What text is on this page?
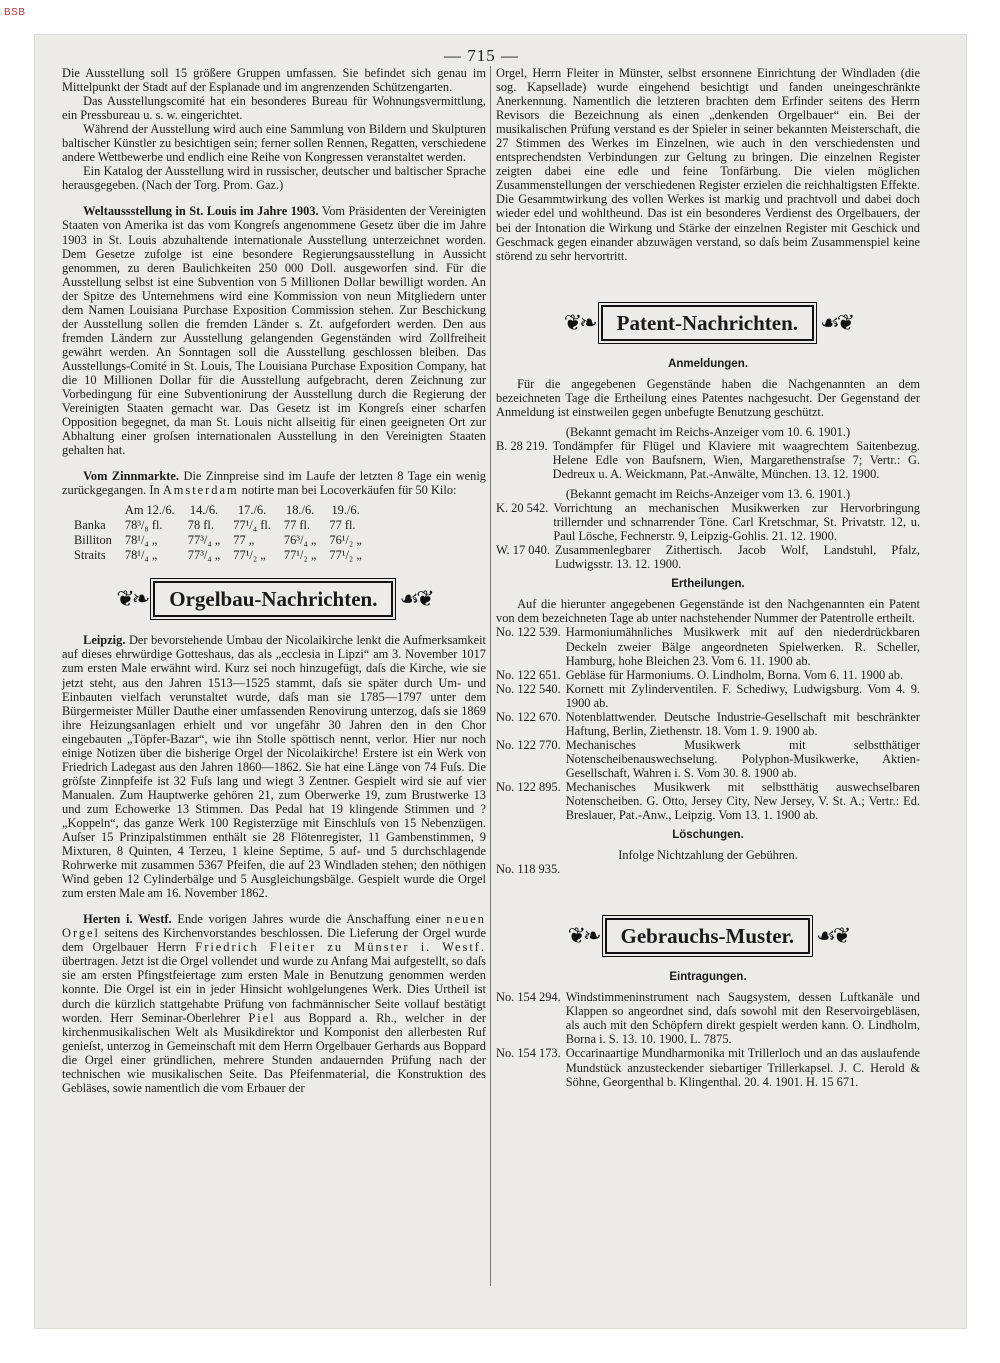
BSB
— 715 —

Die Ausstellung soll 15 größere Gruppen umfassen. Sie befindet sich genau im Mittelpunkt der Stadt auf der Esplanade und im angrenzenden Schützengarten.

Das Ausstellungscomité hat ein besonderes Bureau für Wohnungsvermittlung, ein Pressbureau u. s. w. eingerichtet.

Während der Ausstellung wird auch eine Sammlung von Bildern und Skulpturen baltischer Künstler zu besichtigen sein; ferner sollen Rennen, Regatten, verschiedene andere Wettbewerbe und endlich eine Reihe von Kongressen veranstaltet werden.

Ein Katalog der Ausstellung wird in russischer, deutscher und baltischer Sprache herausgegeben. (Nach der Torg. Prom. Gaz.)

Weltaussstellung in St. Louis im Jahre 1903. Vom Präsidenten der Vereinigten Staaten von Amerika ist das vom Kongreſs angenommene Gesetz über die im Jahre 1903 in St. Louis abzuhaltende internationale Ausstellung unterzeichnet worden. Dem Gesetze zufolge ist eine besondere Regierungsausstellung in Aussicht genommen, zu deren Baulichkeiten 250 000 Doll. ausgeworfen sind. Für die Ausstellung selbst ist eine Subvention von 5 Millionen Dollar bewilligt worden. An der Spitze des Unternehmens wird eine Kommission von neun Mitgliedern unter dem Namen Louisiana Purchase Exposition Commission stehen. Zur Beschickung der Ausstellung sollen die fremden Länder s. Zt. aufgefordert werden. Den aus fremden Ländern zur Ausstellung gelangenden Gegenständen wird Zollfreiheit gewährt werden. An Sonntagen soll die Ausstellung geschlossen bleiben. Das Ausstellungs-Comité in St. Louis, The Louisiana Purchase Exposition Company, hat die 10 Millionen Dollar für die Ausstellung aufgebracht, deren Zeichnung zur Vorbedingung für eine Subventionirung der Ausstellung durch die Regierung der Vereinigten Staaten gemacht war. Das Gesetz ist im Kongreſs einer scharfen Opposition begegnet, da man St. Louis nicht allseitig für einen geeigneten Ort zur Abhaltung einer groſsen internationalen Ausstellung in den Vereinigten Staaten gehalten hat.

Vom Zinnmarkte. Die Zinnpreise sind im Laufe der letzten 8 Tage ein wenig zurückgegangen. In Amsterdam notirte man bei Locoverkäufen für 50 Kilo:

	Am 12./6.	14./6.	17./6.	18./6.	19./6.
Banka	78³/₈ fl.	78 fl.	77¹/₄ fl.	77 fl.	77 fl.
Billiton	78¹/₄ „	77³/₄ „	77 „	76³/₄ „	76¹/₂ „
Straits	78¹/₄ „	77³/₄ „	77¹/₂ „	77¹/₂ „	77¹/₂ „
❦❧	Orgelbau-Nachrichten.	☙❦

Leipzig. Der bevorstehende Umbau der Nicolaikirche lenkt die Aufmerksamkeit auf dieses ehrwürdige Gotteshaus, das als „ecclesia in Lipzi“ am 3. November 1017 zum ersten Male erwähnt wird. Kurz sei noch hinzugefügt, daſs die Kirche, wie sie jetzt steht, aus den Jahren 1513—1525 stammt, daſs sie später durch Um- und Einbauten vielfach verunstaltet wurde, daſs man sie 1785—1797 unter dem Bürgermeister Müller Dauthe einer umfassenden Renovirung unterzog, daſs sie 1869 ihre Heizungsanlagen erhielt und vor ungefähr 30 Jahren den in den Chor eingebauten „Töpfer-Bazar“, wie ihn Stolle spöttisch nennt, verlor. Hier nur noch einige Notizen über die bisherige Orgel der Nicolaikirche! Erstere ist ein Werk von Friedrich Ladegast aus den Jahren 1860—1862. Sie hat eine Länge von 74 Fuſs. Die gröſste Zinnpfeife ist 32 Fuſs lang und wiegt 3 Zentner. Gespielt wird sie auf vier Manualen. Zum Hauptwerke gehören 21, zum Oberwerke 19, zum Brustwerke 13 und zum Echowerke 13 Stimmen. Das Pedal hat 19 klingende Stimmen und ? „Koppeln“, das ganze Werk 100 Registerzüge mit Einschluſs von 15 Nebenzügen. Auſser 15 Prinzipalstimmen enthält sie 28 Flötenregister, 11 Gambenstimmen, 9 Mixturen, 8 Quinten, 4 Terzeu, 1 kleine Septime, 5 auf- und 5 durchschlagende Rohrwerke mit zusammen 5367 Pfeifen, die auf 23 Windladen stehen; den nöthigen Wind geben 12 Cylinderbälge und 5 Ausgleichungsbälge. Gespielt wurde die Orgel zum ersten Male am 16. November 1862.

Herten i. Westf. Ende vorigen Jahres wurde die Anschaffung einer neuen Orgel seitens des Kirchenvorstandes beschlossen. Die Lieferung der Orgel wurde dem Orgelbauer Herrn Friedrich Fleiter zu Münster i. Westf. übertragen. Jetzt ist die Orgel vollendet und wurde zu Anfang Mai aufgestellt, so daſs sie am ersten Pfingstfeiertage zum ersten Male in Benutzung genommen werden konnte. Die Orgel ist ein in jeder Hinsicht wohlgelungenes Werk. Dies Urtheil ist durch die kürzlich stattgehabte Prüfung von fachmännischer Seite vollauf bestätigt worden. Herr Seminar-Oberlehrer Piel aus Boppard a. Rh., welcher in der kirchenmusikalischen Welt als Musikdirektor und Komponist den allerbesten Ruf genieſst, unterzog in Gemeinschaft mit dem Herrn Orgelbauer Gerhards aus Boppard die Orgel einer gründlichen, mehrere Stunden andauernden Prüfung nach der technischen wie musikalischen Seite. Das Pfeifenmaterial, die Konstruktion des Gebläses, sowie namentlich die vom Erbauer der

Orgel, Herrn Fleiter in Münster, selbst ersonnene Einrichtung der Windladen (die sog. Kapsellade) wurde eingehend besichtigt und fanden uneingeschränkte Anerkennung. Namentlich die letzteren brachten dem Erfinder seitens des Herrn Revisors die Bezeichnung als einen „denkenden Orgelbauer“ ein. Bei der musikalischen Prüfung verstand es der Spieler in seiner bekannten Meisterschaft, die 27 Stimmen des Werkes im Einzelnen, wie auch in den verschiedensten und entsprechendsten Verbindungen zur Geltung zu bringen. Die einzelnen Register zeigten dabei eine edle und feine Tonfärbung. Die vielen möglichen Zusammenstellungen der verschiedenen Register erzielen die reichhaltigsten Effekte. Die Gesammtwirkung des vollen Werkes ist markig und prachtvoll und dabei doch wieder edel und wohltheund. Das ist ein besonderes Verdienst des Orgelbauers, der bei der Intonation die Wirkung und Stärke der einzelnen Register mit Geschick und Geschmack gegen einander abzuwägen verstand, so daſs beim Zusammenspiel keine störend zu sehr hervortritt.

❦❧	Patent-Nachrichten.	☙❦
Anmeldungen.

Für die angegebenen Gegenstände haben die Nachgenannten an dem bezeichneten Tage die Ertheilung eines Patentes nachgesucht. Der Gegenstand der Anmeldung ist einstweilen gegen unbefugte Benutzung geschützt.

(Bekannt gemacht im Reichs-Anzeiger vom 10. 6. 1901.)

B. 28 219. Tondämpfer für Flügel und Klaviere mit waagrechtem Saitenbezug. Helene Edle von Baufsnern, Wien, Margarethenstraſse 7; Vertr.: G. Dedreux u. A. Weickmann, Pat.-Anwälte, München. 13. 12. 1900.

(Bekannt gemacht im Reichs-Anzeiger vom 13. 6. 1901.)

K. 20 542. Vorrichtung an mechanischen Musikwerken zur Hervorbringung trillernder und schnarrender Töne. Carl Kretschmar, St. Privatstr. 12, u. Paul Lösche, Fechnerstr. 9, Leipzig-Gohlis. 21. 12. 1900.
W. 17 040. Zusammenlegbarer Zithertisch. Jacob Wolf, Landstuhl, Pfalz, Ludwigsstr. 13. 12. 1900.
Ertheilungen.

Auf die hierunter angegebenen Gegenstände ist den Nachgenannten ein Patent von dem bezeichneten Tage ab unter nachstehender Nummer der Patentrolle ertheilt.

No. 122 539. Harmoniumähnliches Musikwerk mit auf den niederdrückbaren Deckeln zweier Bälge angeordneten Spielwerken. R. Scheller, Hamburg, hohe Bleichen 23. Vom 6. 11. 1900 ab.
No. 122 651. Gebläse für Harmoniums. O. Lindholm, Borna. Vom 6. 11. 1900 ab.
No. 122 540. Kornett mit Zylinderventilen. F. Schediwy, Ludwigsburg. Vom 4. 9. 1900 ab.
No. 122 670. Notenblattwender. Deutsche Industrie-Gesellschaft mit beschränkter Haftung, Berlin, Ziethenstr. 18. Vom 1. 9. 1900 ab.
No. 122 770. Mechanisches Musikwerk mit selbstthätiger Notenscheibenauswechselung. Polyphon-Musikwerke, Aktien-Gesellschaft, Wahren i. S. Vom 30. 8. 1900 ab.
No. 122 895. Mechanisches Musikwerk mit selbstthätig auswechselbaren Notenscheiben. G. Otto, Jersey City, New Jersey, V. St. A.; Vertr.: Ed. Breslauer, Pat.-Anw., Leipzig. Vom 13. 1. 1900 ab.
Löschungen.

Infolge Nichtzahlung der Gebühren.

No. 118 935.

❦❧	Gebrauchs-Muster.	☙❦
Eintragungen.
No. 154 294. Windstimmeninstrument nach Saugsystem, dessen Luftkanäle und Klappen so angeordnet sind, daſs sowohl mit den Reservoirgebläsen, als auch mit den Schöpfern direkt gespielt werden kann. O. Lindholm, Borna i. S. 13. 10. 1900. L. 7875.
No. 154 173. Occarinaartige Mundharmonika mit Trillerloch und an das auslaufende Mundstück anzusteckender siebartiger Trillerkapsel. J. C. Herold & Söhne, Georgenthal b. Klingenthal. 20. 4. 1901. H. 15 671.
